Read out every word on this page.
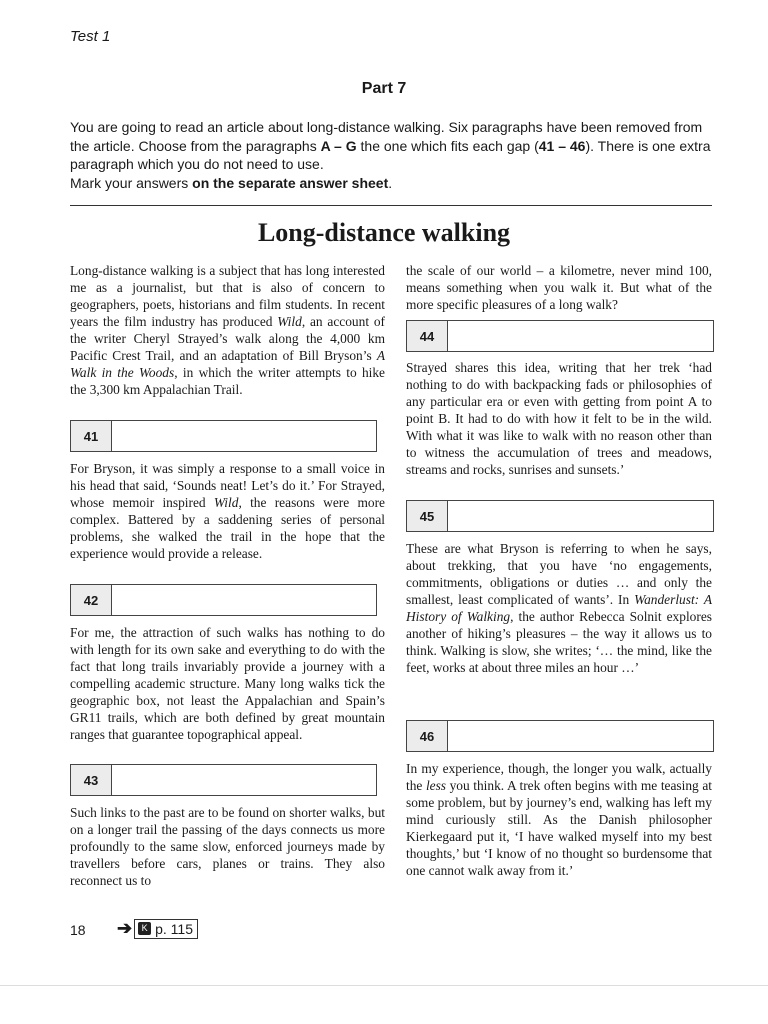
Test 1
Part 7
You are going to read an article about long-distance walking. Six paragraphs have been removed from the article. Choose from the paragraphs A – G the one which fits each gap (41 – 46). There is one extra paragraph which you do not need to use.
Mark your answers on the separate answer sheet.
Long-distance walking

Long-distance walking is a subject that has long interested me as a journalist, but that is also of concern to geographers, poets, historians and film students. In recent years the film industry has produced Wild, an account of the writer Cheryl Strayed’s walk along the 4,000 km Pacific Crest Trail, and an adaptation of Bill Bryson’s A Walk in the Woods, in which the writer attempts to hike the 3,300 km Appalachian Trail.

41

For Bryson, it was simply a response to a small voice in his head that said, ‘Sounds neat! Let’s do it.’ For Strayed, whose memoir inspired Wild, the reasons were more complex. Battered by a saddening series of personal problems, she walked the trail in the hope that the experience would provide a release.

42

For me, the attraction of such walks has nothing to do with length for its own sake and everything to do with the fact that long trails invariably provide a journey with a compelling academic structure. Many long walks tick the geographic box, not least the Appalachian and Spain’s GR11 trails, which are both defined by great mountain ranges that guarantee topographical appeal.

43

Such links to the past are to be found on shorter walks, but on a longer trail the passing of the days connects us more profoundly to the same slow, enforced journeys made by travellers before cars, planes or trains. They also reconnect us to

the scale of our world – a kilometre, never mind 100, means something when you walk it. But what of the more specific pleasures of a long walk?

44

Strayed shares this idea, writing that her trek ‘had nothing to do with backpacking fads or philosophies of any particular era or even with getting from point A to point B. It had to do with how it felt to be in the wild. With what it was like to walk with no reason other than to witness the accumulation of trees and meadows, streams and rocks, sunrises and sunsets.’

45

These are what Bryson is referring to when he says, about trekking, that you have ‘no engagements, commitments, obligations or duties … and only the smallest, least complicated of wants’. In Wanderlust: A History of Walking, the author Rebecca Solnit explores another of hiking’s pleasures – the way it allows us to think. Walking is slow, she writes; ‘… the mind, like the feet, works at about three miles an hour …’

46

In my experience, though, the longer you walk, actually the less you think. A trek often begins with me teasing at some problem, but by journey’s end, walking has left my mind curiously still. As the Danish philosopher Kierkegaard put it, ‘I have walked myself into my best thoughts,’ but ‘I know of no thought so burdensome that one cannot walk away from it.’

18 ➔	K p. 115
